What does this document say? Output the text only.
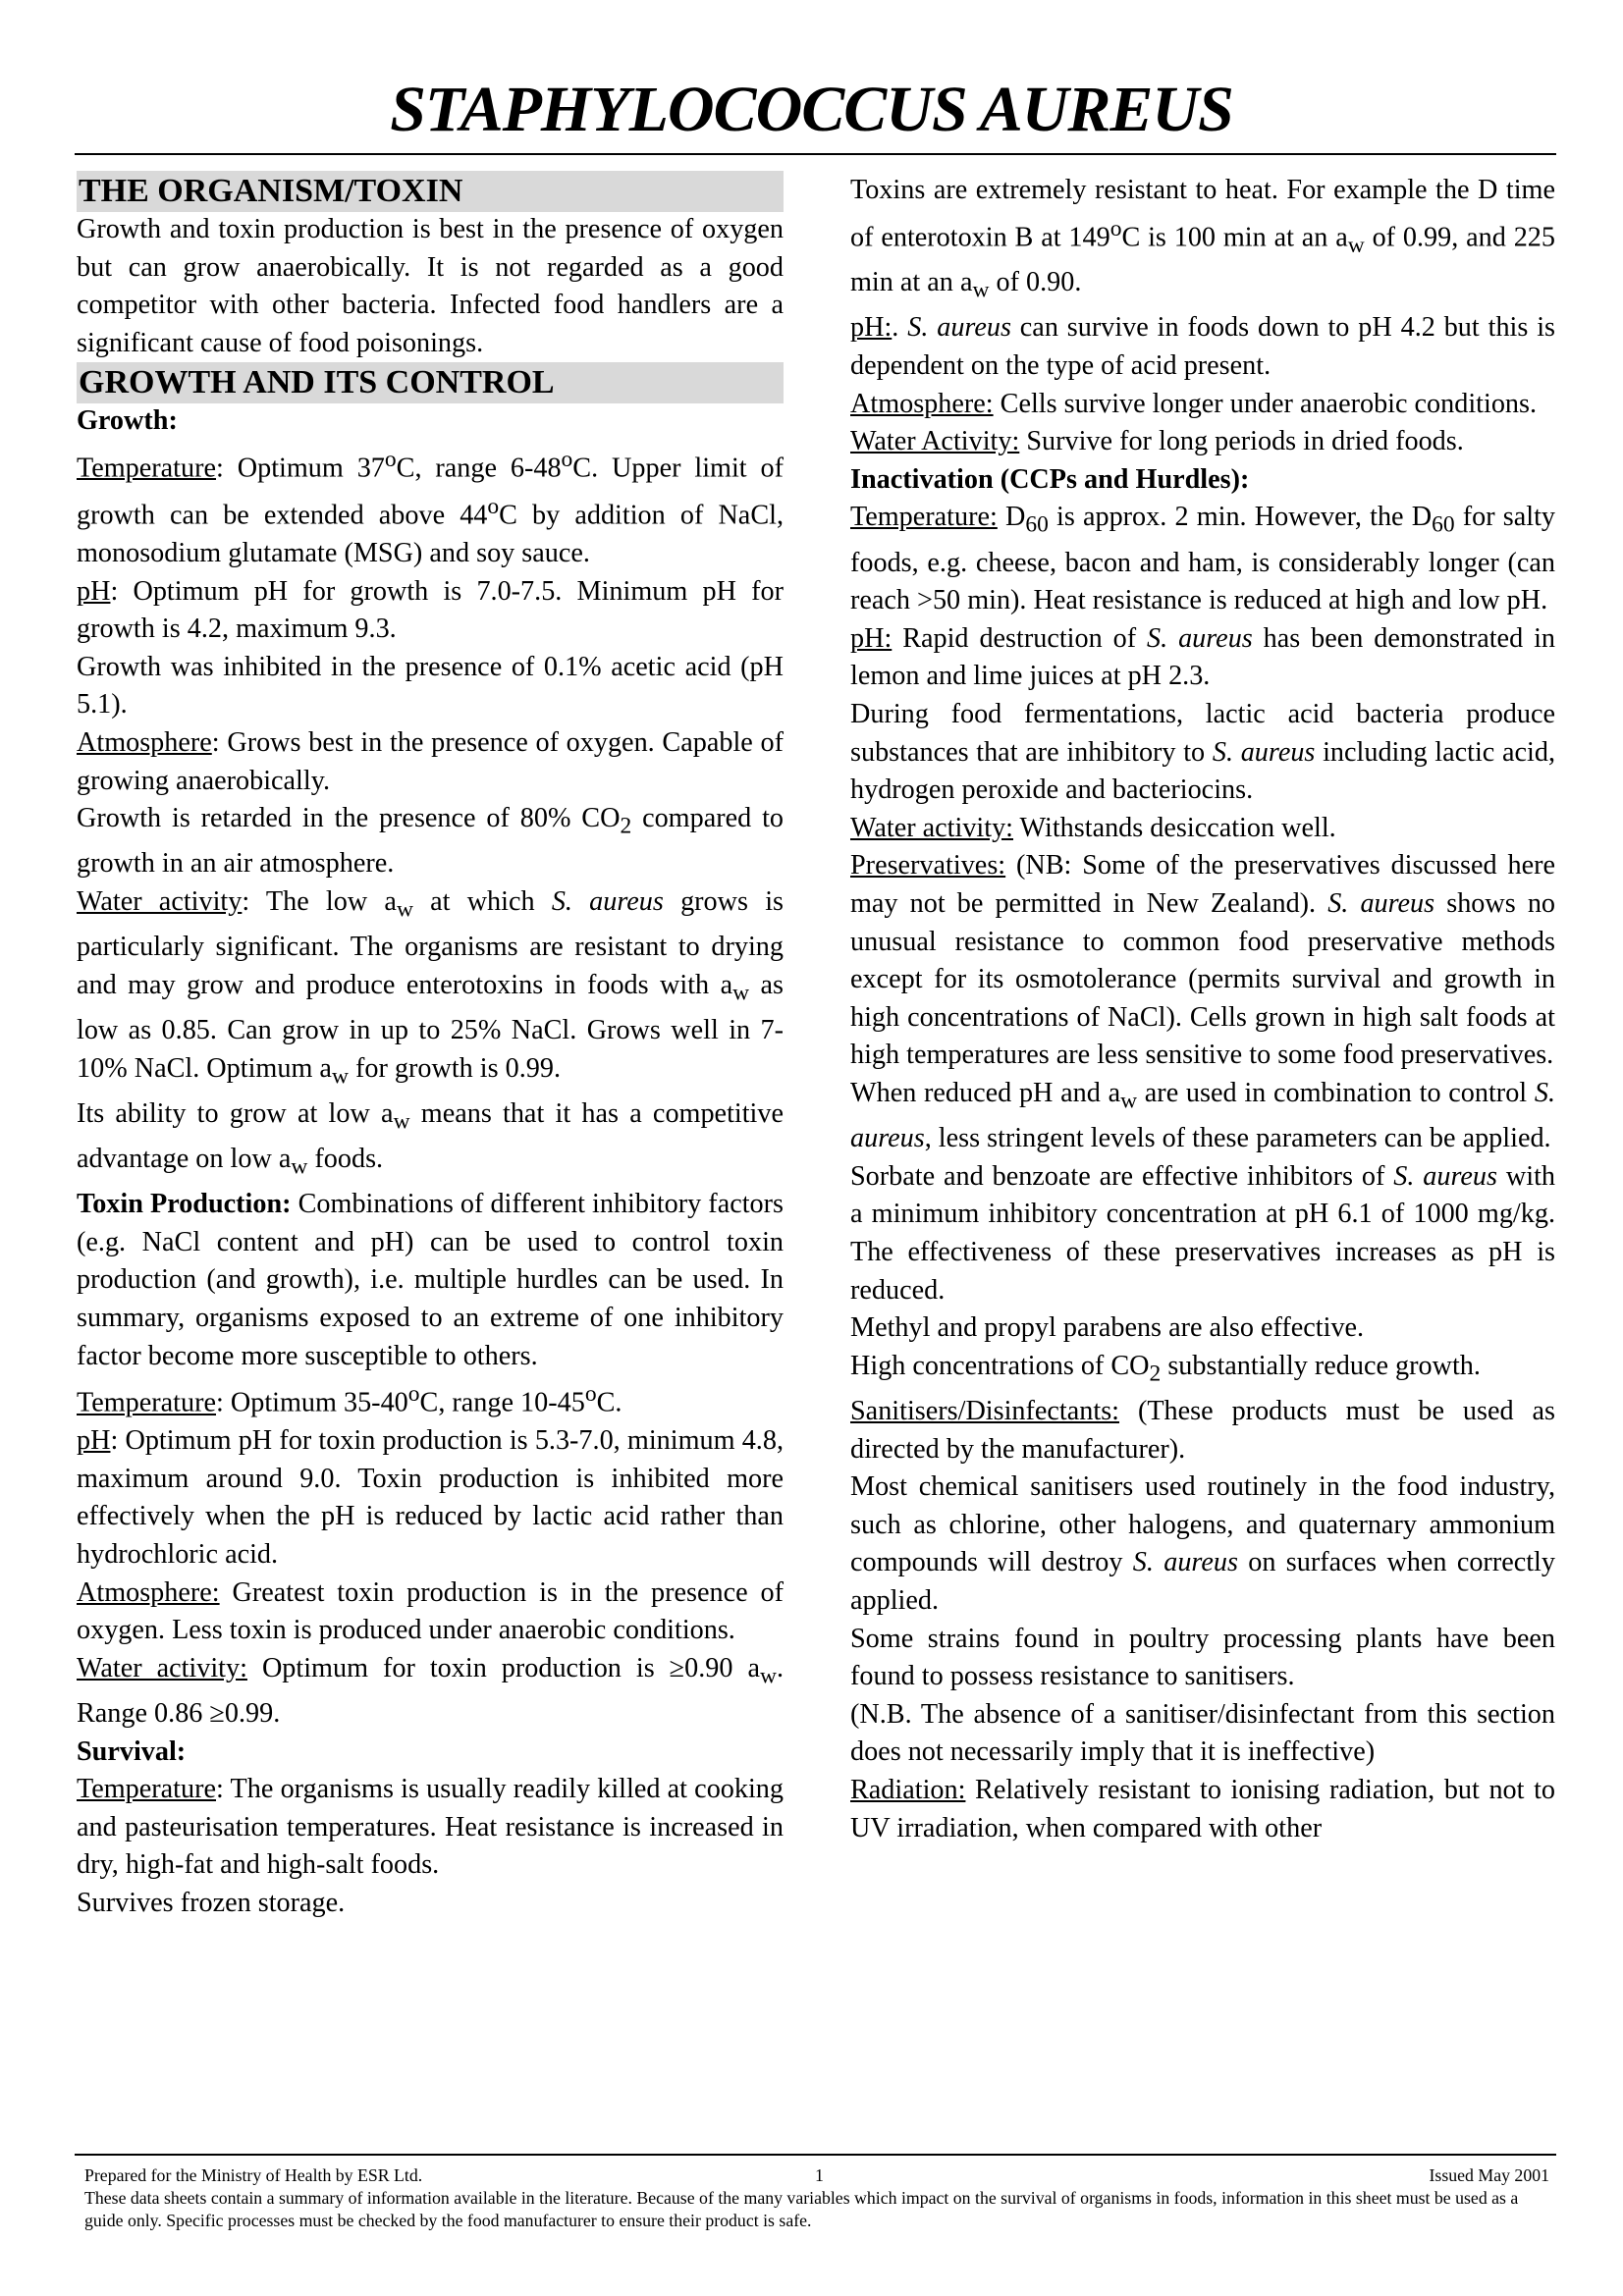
STAPHYLOCOCCUS AUREUS
THE ORGANISM/TOXIN

Growth and toxin production is best in the presence of oxygen but can grow anaerobically. It is not regarded as a good competitor with other bacteria. Infected food handlers are a significant cause of food poisonings.

GROWTH AND ITS CONTROL

Growth:

Temperature: Optimum 37$^o$C, range 6-48$^o$C. Upper limit of growth can be extended above 44$^o$C by addition of NaCl, monosodium glutamate (MSG) and soy sauce.

pH: Optimum pH for growth is 7.0-7.5. Minimum pH for growth is 4.2, maximum 9.3.

Growth was inhibited in the presence of 0.1% acetic acid (pH 5.1).

Atmosphere: Grows best in the presence of oxygen. Capable of growing anaerobically.

Growth is retarded in the presence of 80% $CO_2$ compared to growth in an air atmosphere.

Water activity: The low $a_w$ at which S. aureus grows is particularly significant. The organisms are resistant to drying and may grow and produce enterotoxins in foods with $a_w$ as low as 0.85. Can grow in up to 25% NaCl. Grows well in 7-10% NaCl. Optimum $a_w$ for growth is 0.99.

Its ability to grow at low $a_w$ means that it has a competitive advantage on low $a_w$ foods.

Toxin Production: Combinations of different inhibitory factors (e.g. NaCl content and pH) can be used to control toxin production (and growth), i.e. multiple hurdles can be used. In summary, organisms exposed to an extreme of one inhibitory factor become more susceptible to others.

Temperature: Optimum 35-40$^o$C, range 10-45$^o$C.

pH: Optimum pH for toxin production is 5.3-7.0, minimum 4.8, maximum around 9.0. Toxin production is inhibited more effectively when the pH is reduced by lactic acid rather than hydrochloric acid.

Atmosphere: Greatest toxin production is in the presence of oxygen. Less toxin is produced under anaerobic conditions.

Water activity: Optimum for toxin production is ≥0.90 $a_w$. Range 0.86 ≥0.99.

Survival:

Temperature: The organisms is usually readily killed at cooking and pasteurisation temperatures. Heat resistance is increased in dry, high-fat and high-salt foods.

Survives frozen storage.

Toxins are extremely resistant to heat. For example the D time of enterotoxin B at 149$^o$C is 100 min at an $a_w$ of 0.99, and 225 min at an $a_w$ of 0.90.

pH:. S. aureus can survive in foods down to pH 4.2 but this is dependent on the type of acid present.

Atmosphere: Cells survive longer under anaerobic conditions.

Water Activity: Survive for long periods in dried foods.

Inactivation (CCPs and Hurdles):

Temperature: $D_{60}$ is approx. 2 min. However, the $D_{60}$ for salty foods, e.g. cheese, bacon and ham, is considerably longer (can reach >50 min). Heat resistance is reduced at high and low pH.

pH: Rapid destruction of S. aureus has been demonstrated in lemon and lime juices at pH 2.3.

During food fermentations, lactic acid bacteria produce substances that are inhibitory to S. aureus including lactic acid, hydrogen peroxide and bacteriocins.

Water activity: Withstands desiccation well.

Preservatives: (NB: Some of the preservatives discussed here may not be permitted in New Zealand). S. aureus shows no unusual resistance to common food preservative methods except for its osmotolerance (permits survival and growth in high concentrations of NaCl). Cells grown in high salt foods at high temperatures are less sensitive to some food preservatives.

When reduced pH and $a_w$ are used in combination to control S. aureus, less stringent levels of these parameters can be applied.

Sorbate and benzoate are effective inhibitors of S. aureus with a minimum inhibitory concentration at pH 6.1 of 1000 mg/kg. The effectiveness of these preservatives increases as pH is reduced.

Methyl and propyl parabens are also effective.

High concentrations of $CO_2$ substantially reduce growth.

Sanitisers/Disinfectants: (These products must be used as directed by the manufacturer).

Most chemical sanitisers used routinely in the food industry, such as chlorine, other halogens, and quaternary ammonium compounds will destroy S. aureus on surfaces when correctly applied.

Some strains found in poultry processing plants have been found to possess resistance to sanitisers.

(N.B. The absence of a sanitiser/disinfectant from this section does not necessarily imply that it is ineffective)

Radiation: Relatively resistant to ionising radiation, but not to UV irradiation, when compared with other

Prepared for the Ministry of Health by ESR Ltd.	1	Issued May 2001
These data sheets contain a summary of information available in the literature. Because of the many variables which impact on the survival of organisms in foods, information in this sheet must be used as a guide only. Specific processes must be checked by the food manufacturer to ensure their product is safe.
